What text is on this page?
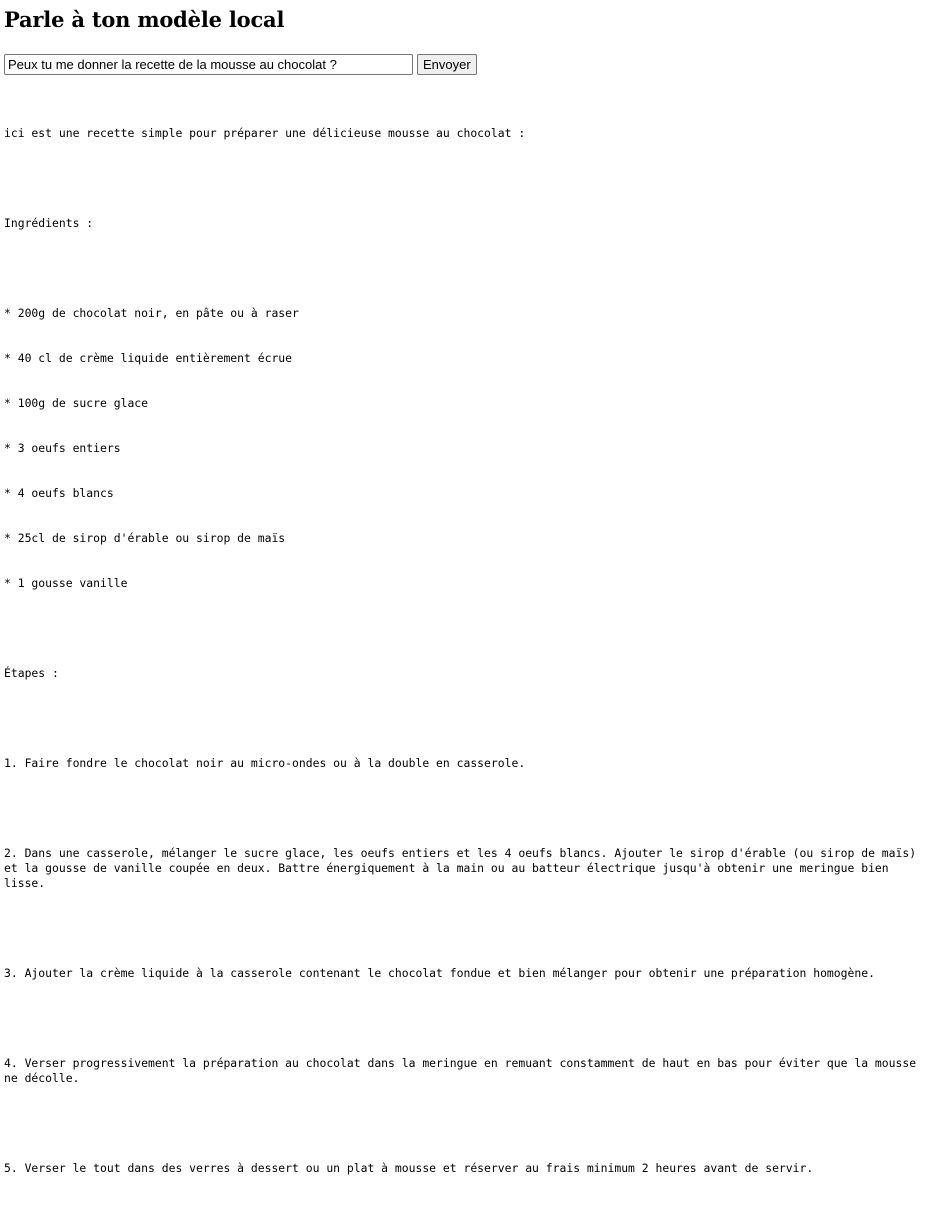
Parle à ton modèle local
Peux tu me donner la recette de la mousse au chocolat ?
Envoyer

ici est une recette simple pour préparer une délicieuse mousse au chocolat :

Ingrédients :

* 200g de chocolat noir, en pâte ou à raser

* 40 cl de crème liquide entièrement écrue

* 100g de sucre glace

* 3 oeufs entiers

* 4 oeufs blancs

* 25cl de sirop d'érable ou sirop de maïs

* 1 gousse vanille

Étapes :

1. Faire fondre le chocolat noir au micro-ondes ou à la double en casserole.

2. Dans une casserole, mélanger le sucre glace, les oeufs entiers et les 4 oeufs blancs. Ajouter le sirop d'érable (ou sirop de maïs) et la gousse de vanille coupée en deux. Battre énergiquement à la main ou au batteur électrique jusqu'à obtenir une meringue bien lisse.

3. Ajouter la crème liquide à la casserole contenant le chocolat fondue et bien mélanger pour obtenir une préparation homogène.

4. Verser progressivement la préparation au chocolat dans la meringue en remuant constamment de haut en bas pour éviter que la mousse ne décolle.

5. Verser le tout dans des verres à dessert ou un plat à mousse et réserver au frais minimum 2 heures avant de servir.
